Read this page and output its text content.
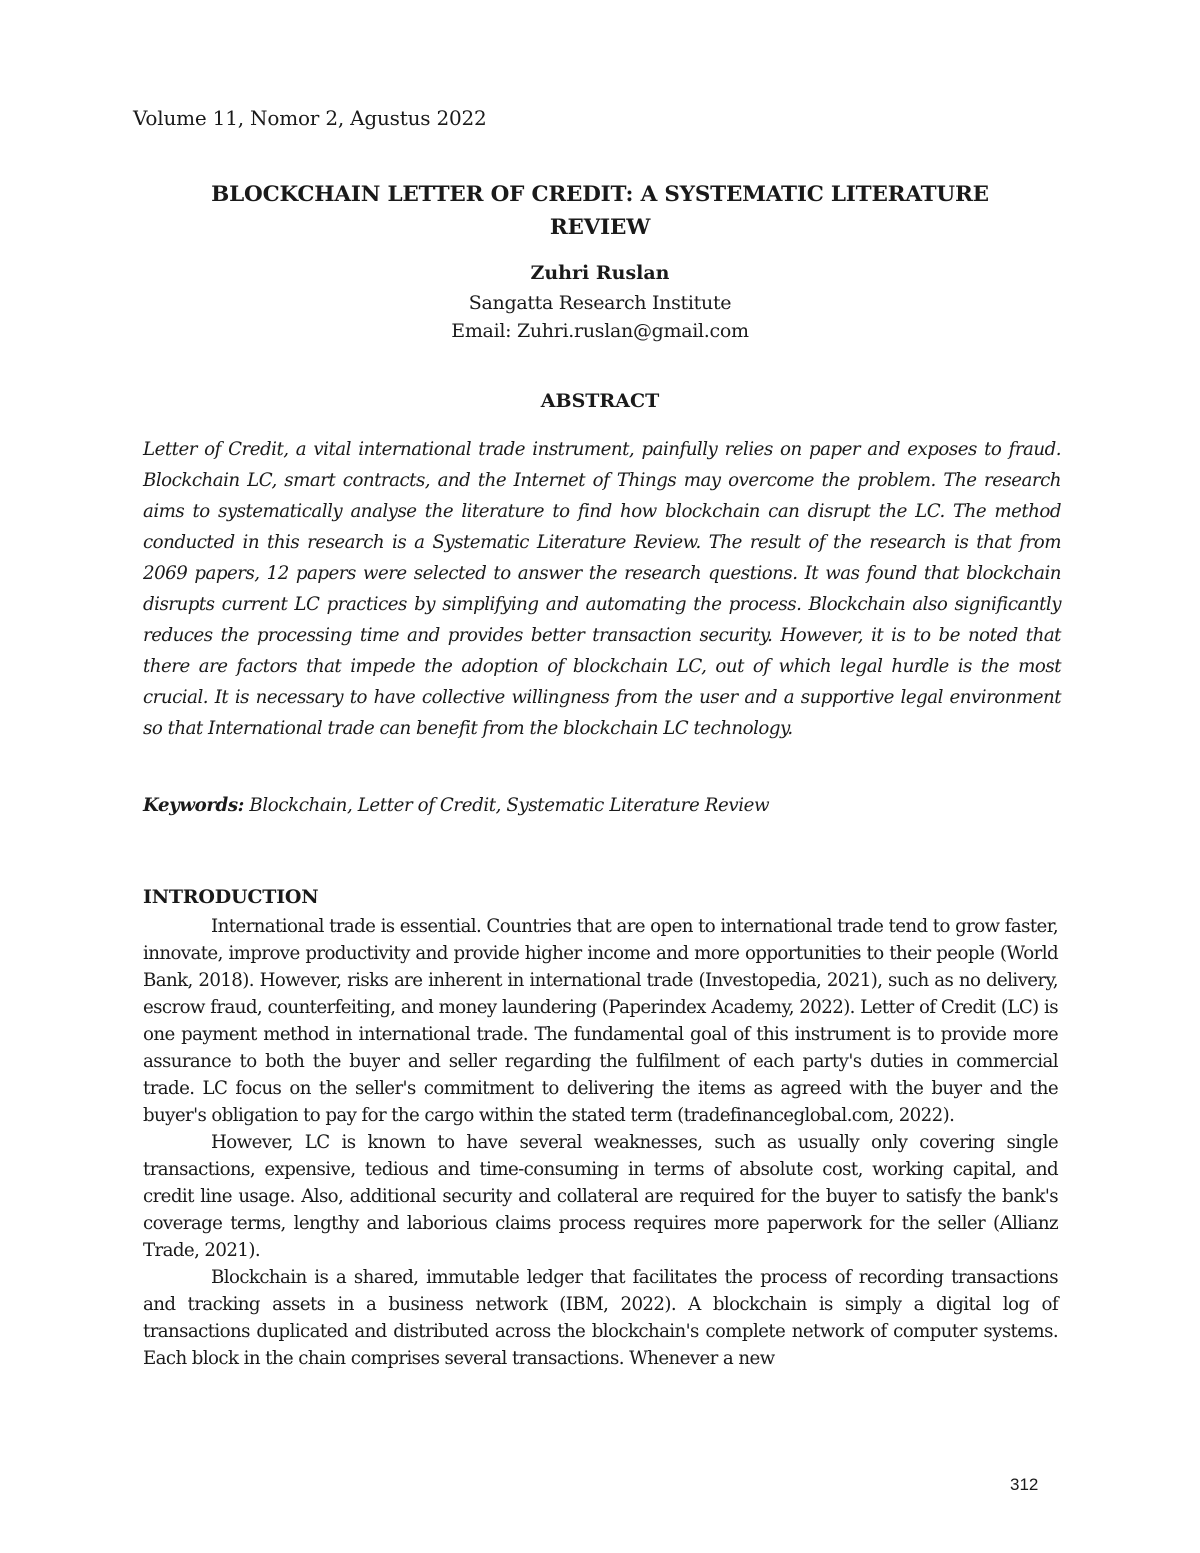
Volume 11, Nomor 2, Agustus 2022
BLOCKCHAIN LETTER OF CREDIT: A SYSTEMATIC LITERATURE
REVIEW
Zuhri Ruslan
Sangatta Research Institute
Email: Zuhri.ruslan@gmail.com
ABSTRACT

Letter of Credit, a vital international trade instrument, painfully relies on paper and exposes to fraud. Blockchain LC, smart contracts, and the Internet of Things may overcome the problem. The research aims to systematically analyse the literature to find how blockchain can disrupt the LC. The method conducted in this research is a Systematic Literature Review. The result of the research is that from 2069 papers, 12 papers were selected to answer the research questions. It was found that blockchain disrupts current LC practices by simplifying and automating the process. Blockchain also significantly reduces the processing time and provides better transaction security. However, it is to be noted that there are factors that impede the adoption of blockchain LC, out of which legal hurdle is the most crucial. It is necessary to have collective willingness from the user and a supportive legal environment so that International trade can benefit from the blockchain LC technology.

Keywords: Blockchain, Letter of Credit, Systematic Literature Review
INTRODUCTION

International trade is essential. Countries that are open to international trade tend to grow faster, innovate, improve productivity and provide higher income and more opportunities to their people (World Bank, 2018). However, risks are inherent in international trade (Investopedia, 2021), such as no delivery, escrow fraud, counterfeiting, and money laundering (Paperindex Academy, 2022). Letter of Credit (LC) is one payment method in international trade. The fundamental goal of this instrument is to provide more assurance to both the buyer and seller regarding the fulfilment of each party's duties in commercial trade. LC focus on the seller's commitment to delivering the items as agreed with the buyer and the buyer's obligation to pay for the cargo within the stated term (tradefinanceglobal.com, 2022).

However, LC is known to have several weaknesses, such as usually only covering single transactions, expensive, tedious and time-consuming in terms of absolute cost, working capital, and credit line usage. Also, additional security and collateral are required for the buyer to satisfy the bank's coverage terms, lengthy and laborious claims process requires more paperwork for the seller (Allianz Trade, 2021).

Blockchain is a shared, immutable ledger that facilitates the process of recording transactions and tracking assets in a business network (IBM, 2022). A blockchain is simply a digital log of transactions duplicated and distributed across the blockchain's complete network of computer systems. Each block in the chain comprises several transactions. Whenever a new

312
